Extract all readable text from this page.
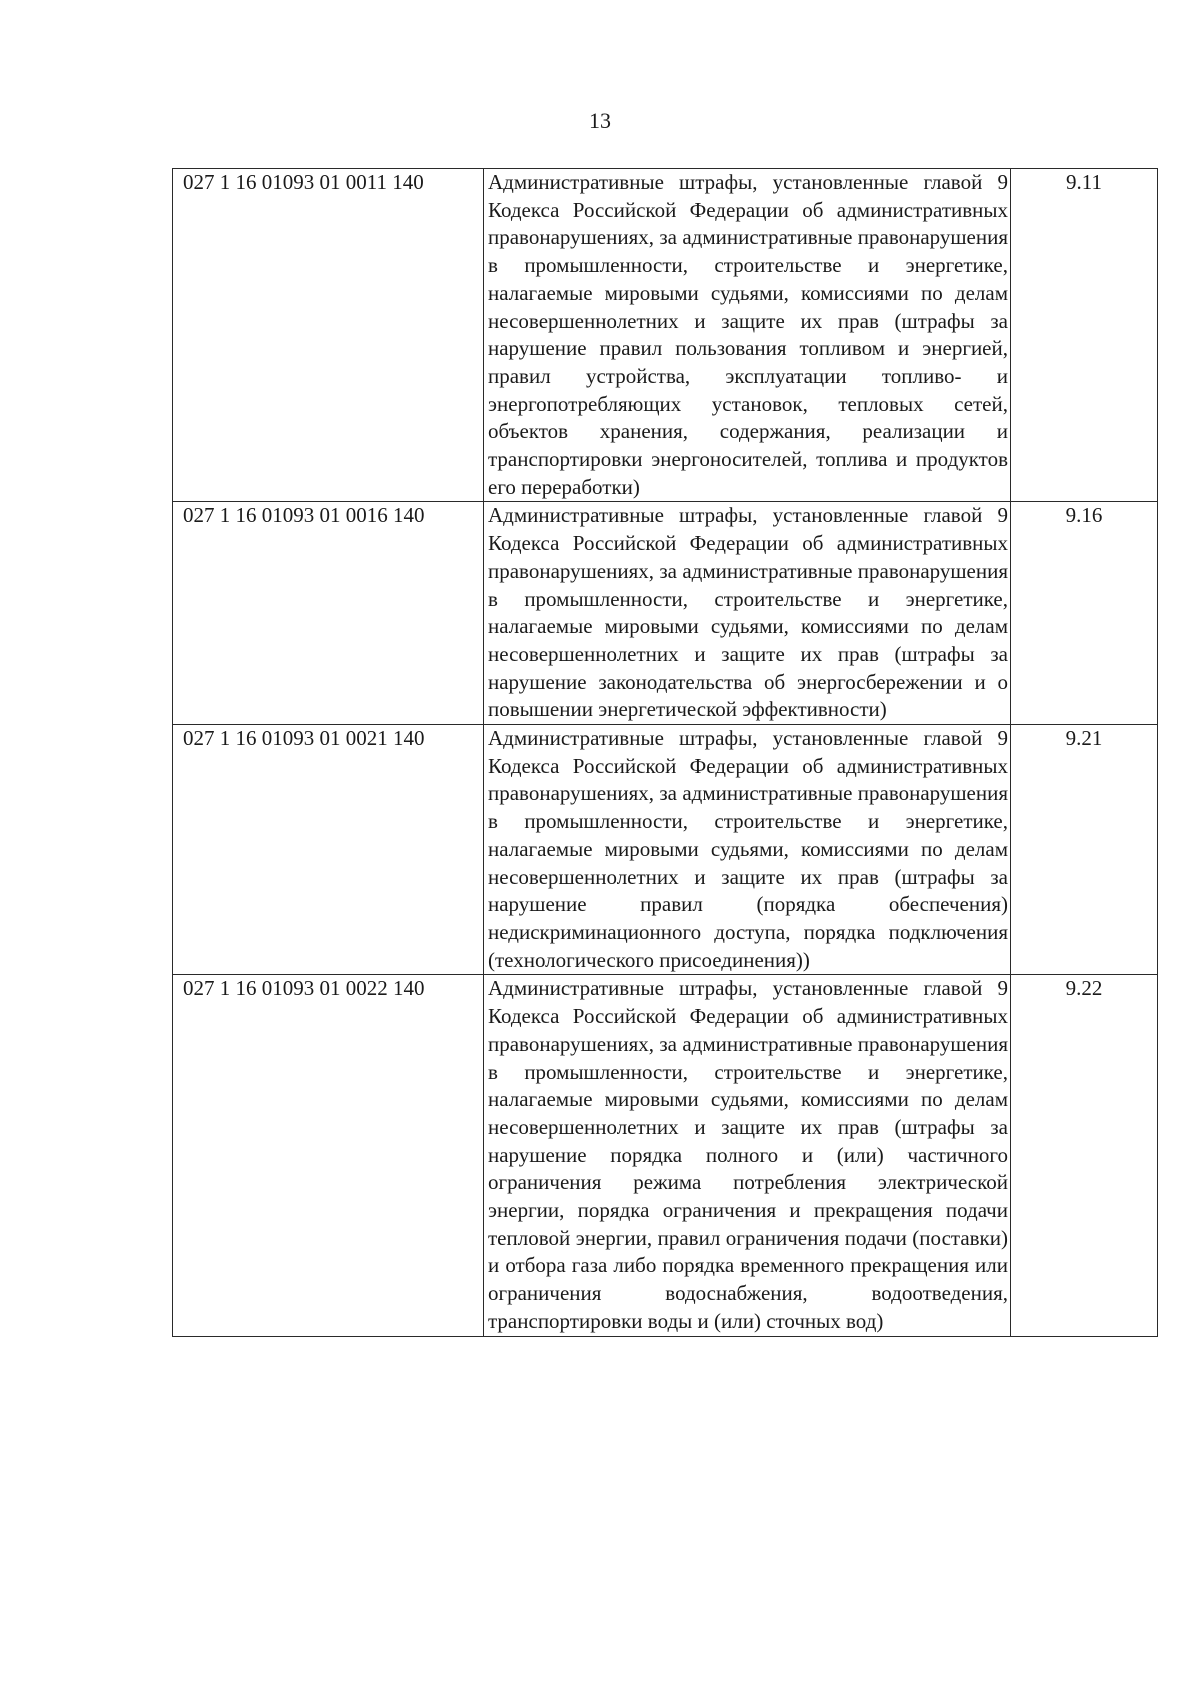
13
027 1 16 01093 01 0011 140	Административные штрафы, установленные главой 9 Кодекса Российской Федерации об административных правонарушениях, за административные правонарушения в промышленности, строительстве и энергетике, налагаемые мировыми судьями, комиссиями по делам несовершеннолетних и защите их прав (штрафы за нарушение правил пользования топливом и энергией, правил устройства, эксплуатации топливо- и энергопотребляющих установок, тепловых сетей, объектов хранения, содержания, реализации и транспортировки энергоносителей, топлива и продуктов его переработки)	9.11
027 1 16 01093 01 0016 140	Административные штрафы, установленные главой 9 Кодекса Российской Федерации об административных правонарушениях, за административные правонарушения в промышленности, строительстве и энергетике, налагаемые мировыми судьями, комиссиями по делам несовершеннолетних и защите их прав (штрафы за нарушение законодательства об энергосбережении и о повышении энергетической эффективности)	9.16
027 1 16 01093 01 0021 140	Административные штрафы, установленные главой 9 Кодекса Российской Федерации об административных правонарушениях, за административные правонарушения в промышленности, строительстве и энергетике, налагаемые мировыми судьями, комиссиями по делам несовершеннолетних и защите их прав (штрафы за нарушение правил (порядка обеспечения) недискриминационного доступа, порядка подключения (технологического присоединения))	9.21
027 1 16 01093 01 0022 140	Административные штрафы, установленные главой 9 Кодекса Российской Федерации об административных правонарушениях, за административные правонарушения в промышленности, строительстве и энергетике, налагаемые мировыми судьями, комиссиями по делам несовершеннолетних и защите их прав (штрафы за нарушение порядка полного и (или) частичного ограничения режима потребления электрической энергии, порядка ограничения и прекращения подачи тепловой энергии, правил ограничения подачи (поставки) и отбора газа либо порядка временного прекращения или ограничения водоснабжения, водоотведения, транспортировки воды и (или) сточных вод)	9.22
